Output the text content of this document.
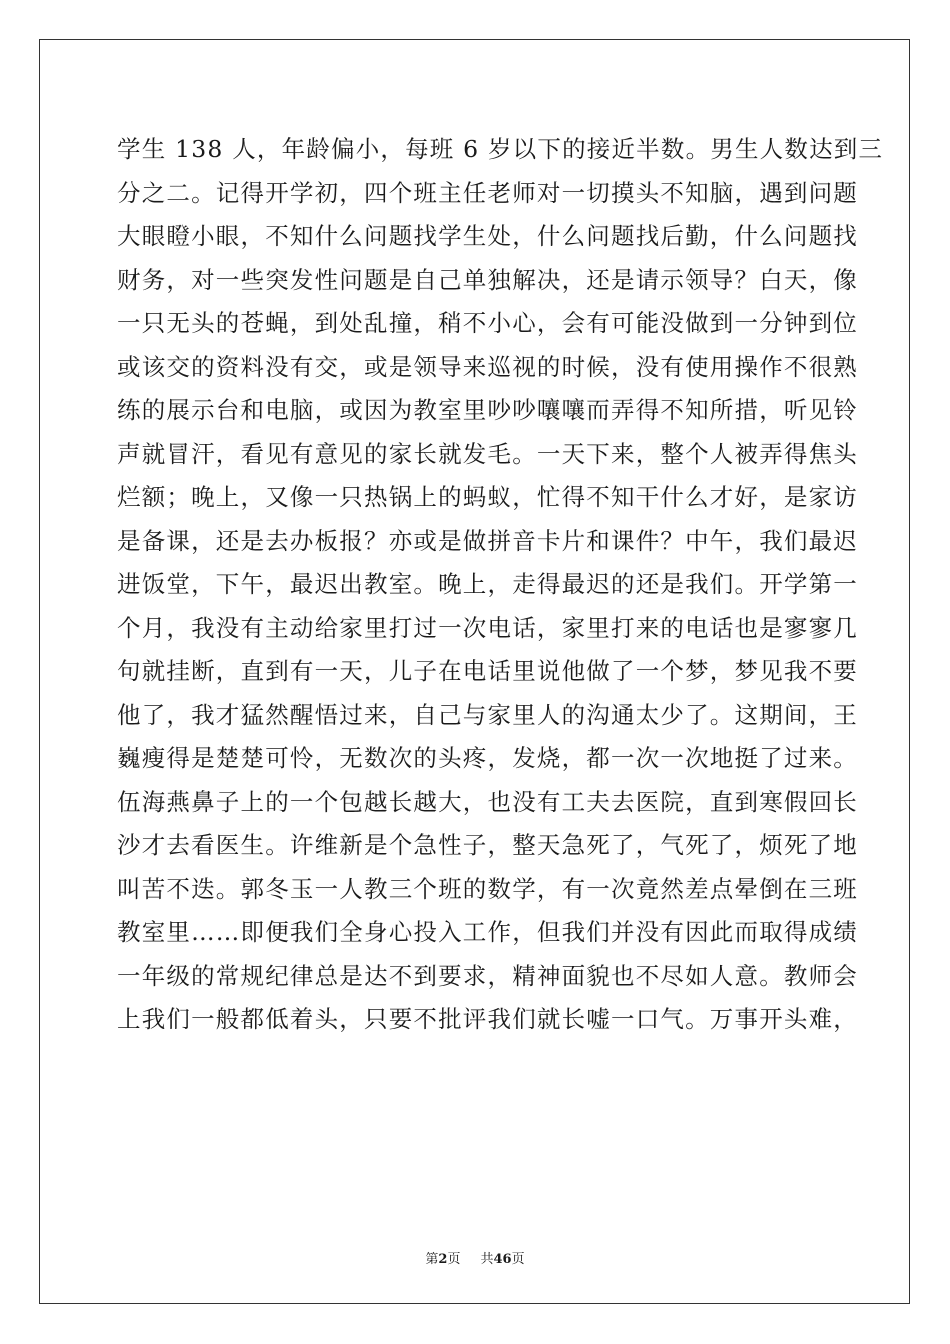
学生 138 人，年龄偏小，每班 6 岁以下的接近半数。男生人数达到三
分之二。记得开学初，四个班主任老师对一切摸头不知脑，遇到问题
大眼瞪小眼，不知什么问题找学生处，什么问题找后勤，什么问题找
财务，对一些突发性问题是自己单独解决，还是请示领导？白天，像
一只无头的苍蝇，到处乱撞，稍不小心，会有可能没做到一分钟到位
或该交的资料没有交，或是领导来巡视的时候，没有使用操作不很熟
练的展示台和电脑，或因为教室里吵吵嚷嚷而弄得不知所措，听见铃
声就冒汗，看见有意见的家长就发毛。一天下来，整个人被弄得焦头
烂额；晚上，又像一只热锅上的蚂蚁，忙得不知干什么才好，是家访
是备课，还是去办板报？亦或是做拼音卡片和课件？中午，我们最迟
进饭堂，下午，最迟出教室。晚上，走得最迟的还是我们。开学第一
个月，我没有主动给家里打过一次电话，家里打来的电话也是寥寥几
句就挂断，直到有一天，儿子在电话里说他做了一个梦，梦见我不要
他了，我才猛然醒悟过来，自己与家里人的沟通太少了。这期间，王
巍瘦得是楚楚可怜，无数次的头疼，发烧，都一次一次地挺了过来。
伍海燕鼻子上的一个包越长越大，也没有工夫去医院，直到寒假回长
沙才去看医生。许维新是个急性子，整天急死了，气死了，烦死了地
叫苦不迭。郭冬玉一人教三个班的数学，有一次竟然差点晕倒在三班
教室里……即便我们全身心投入工作，但我们并没有因此而取得成绩
一年级的常规纪律总是达不到要求，精神面貌也不尽如人意。教师会
上我们一般都低着头，只要不批评我们就长嘘一口气。万事开头难，
第2页 共46页
